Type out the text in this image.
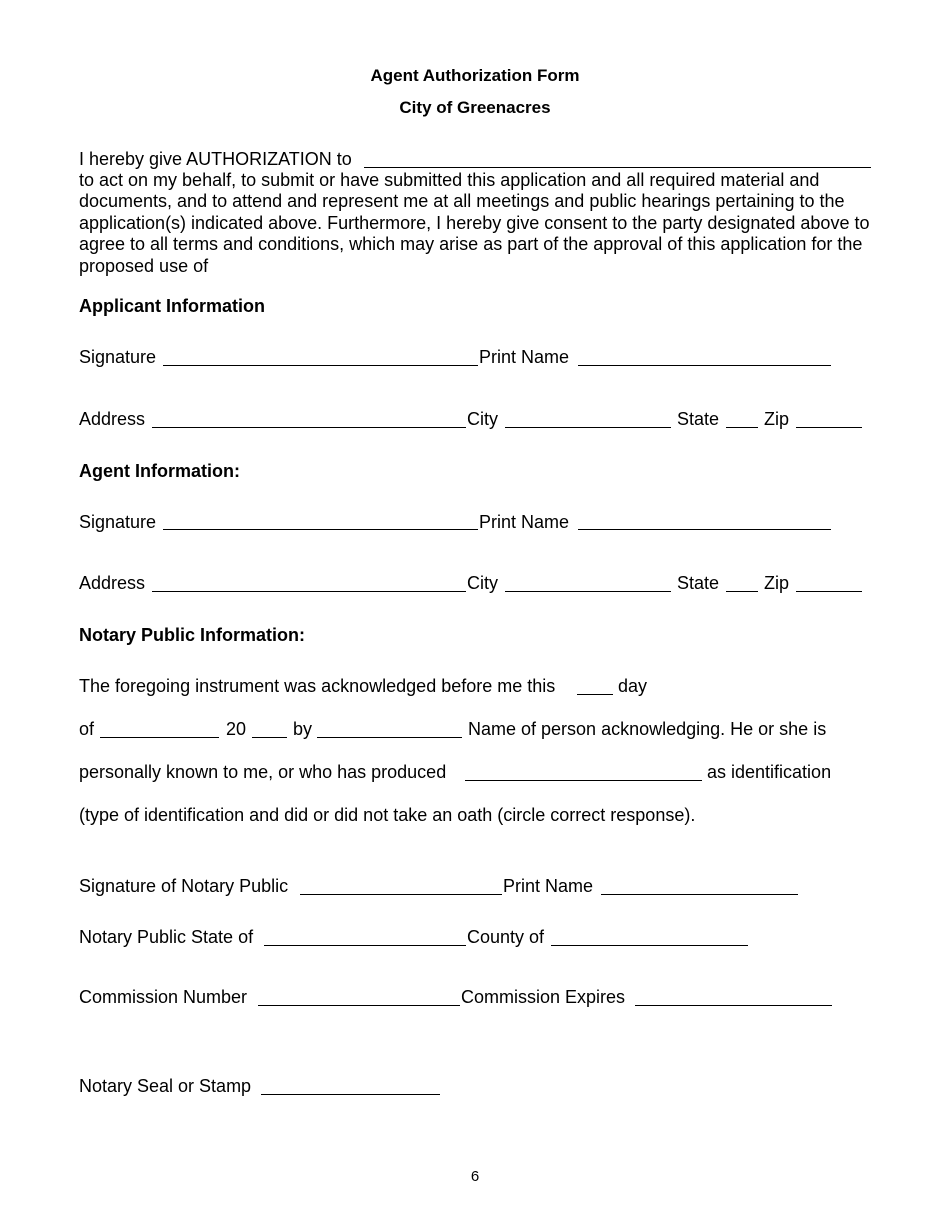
Agent Authorization Form
City of Greenacres
I hereby give AUTHORIZATION to
to act on my behalf, to submit or have submitted this application and all required material and documents, and to attend and represent me at all meetings and public hearings pertaining to the application(s) indicated above. Furthermore, I hereby give consent to the party designated above to agree to all terms and conditions, which may arise as part of the approval of this application for the proposed use of
Applicant Information
Signature	Print Name
Address	City	State Zip
Agent Information:
Signature	Print Name
Address	City	State Zip
Notary Public Information:
The foregoing instrument was acknowledged before me this	day
of	20	by	Name of person acknowledging. He or she is
personally known to me, or who has produced	as identification
(type of identification and did or did not take an oath (circle correct response).
Signature of Notary Public	Print Name
Notary Public State of	County of
Commission Number	Commission Expires
Notary Seal or Stamp
6
